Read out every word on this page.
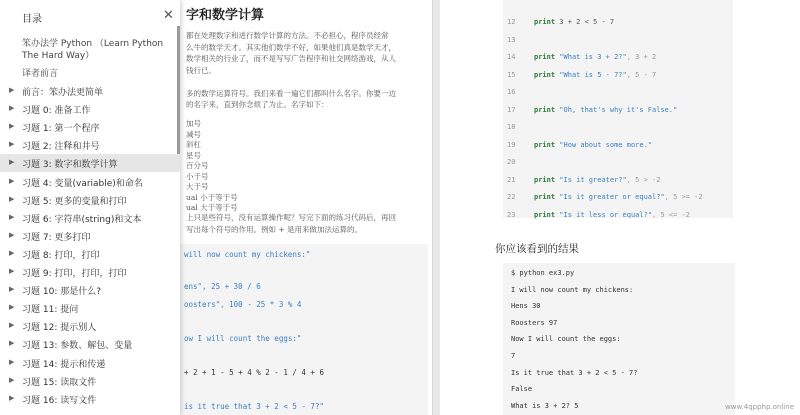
字和数学计算
都在处理数字和进行数学计算的方法。不必担心，程序员经常
么牛的数学天才。其实他们数学不好，如果他们真是数学天才，
数学相关的行业了，而不是写写广告程序和社交网络游戏，从人
钱行已。
多的数学运算符号。我们来看一遍它们都叫什么名字。你要一边
的名字来，直到你念烦了为止。名字如下：
加号
减号
斜杠
星号
百分号
小于号
大于号
ual 小于等于号
ual 大于等于号
上只是些符号，没有运算操作呢？写完下面的练习代码后，再回
写出每个符号的作用。例如 + 是用来做加法运算的。
will now count my chickens:"
ens", 25 + 30 / 6
oosters", 100 - 25 * 3 % 4
ow I will count the eggs:"
+ 2 + 1 - 5 + 4 % 2 - 1 / 4 + 6
is it true that 3 + 2 < 5 - 7?"
12	print 3 + 2 < 5 - 7
13
14	print "What is 3 + 2?", 3 + 2
15	print "What is 5 - 7?", 5 - 7
16
17	print "Oh, that's why it's False."
18
19	print "How about some more."
20
21	print "Is it greater?", 5 > -2
22	print "Is it greater or equal?", 5 >= -2
23	print "Is it less or equal?", 5 <= -2
你应该看到的结果
$ python ex3.py
I will now count my chickens:
Hens 30
Roosters 97
Now I will count the eggs:
7
Is it true that 3 + 2 < 5 - 7?
False
What is 3 + 2? 5	www.4qpphp.online
目录	✕
笨办法学 Python （Learn Python The Hard Way）
译者前言
▶ 前言：笨办法更简单
▶ 习题 0: 准备工作
▶ 习题 1: 第一个程序
▶ 习题 2: 注释和井号
▶ 习题 3: 数字和数学计算
▶ 习题 4: 变量(variable)和命名
▶ 习题 5: 更多的变量和打印
▶ 习题 6: 字符串(string)和文本
▶ 习题 7: 更多打印
▶ 习题 8: 打印，打印
▶ 习题 9: 打印，打印，打印
▶ 习题 10: 那是什么?
▶ 习题 11: 提问
▶ 习题 12: 提示别人
▶ 习题 13: 参数、解包、变量
▶ 习题 14: 提示和传递
▶ 习题 15: 读取文件
▶ 习题 16: 读写文件
